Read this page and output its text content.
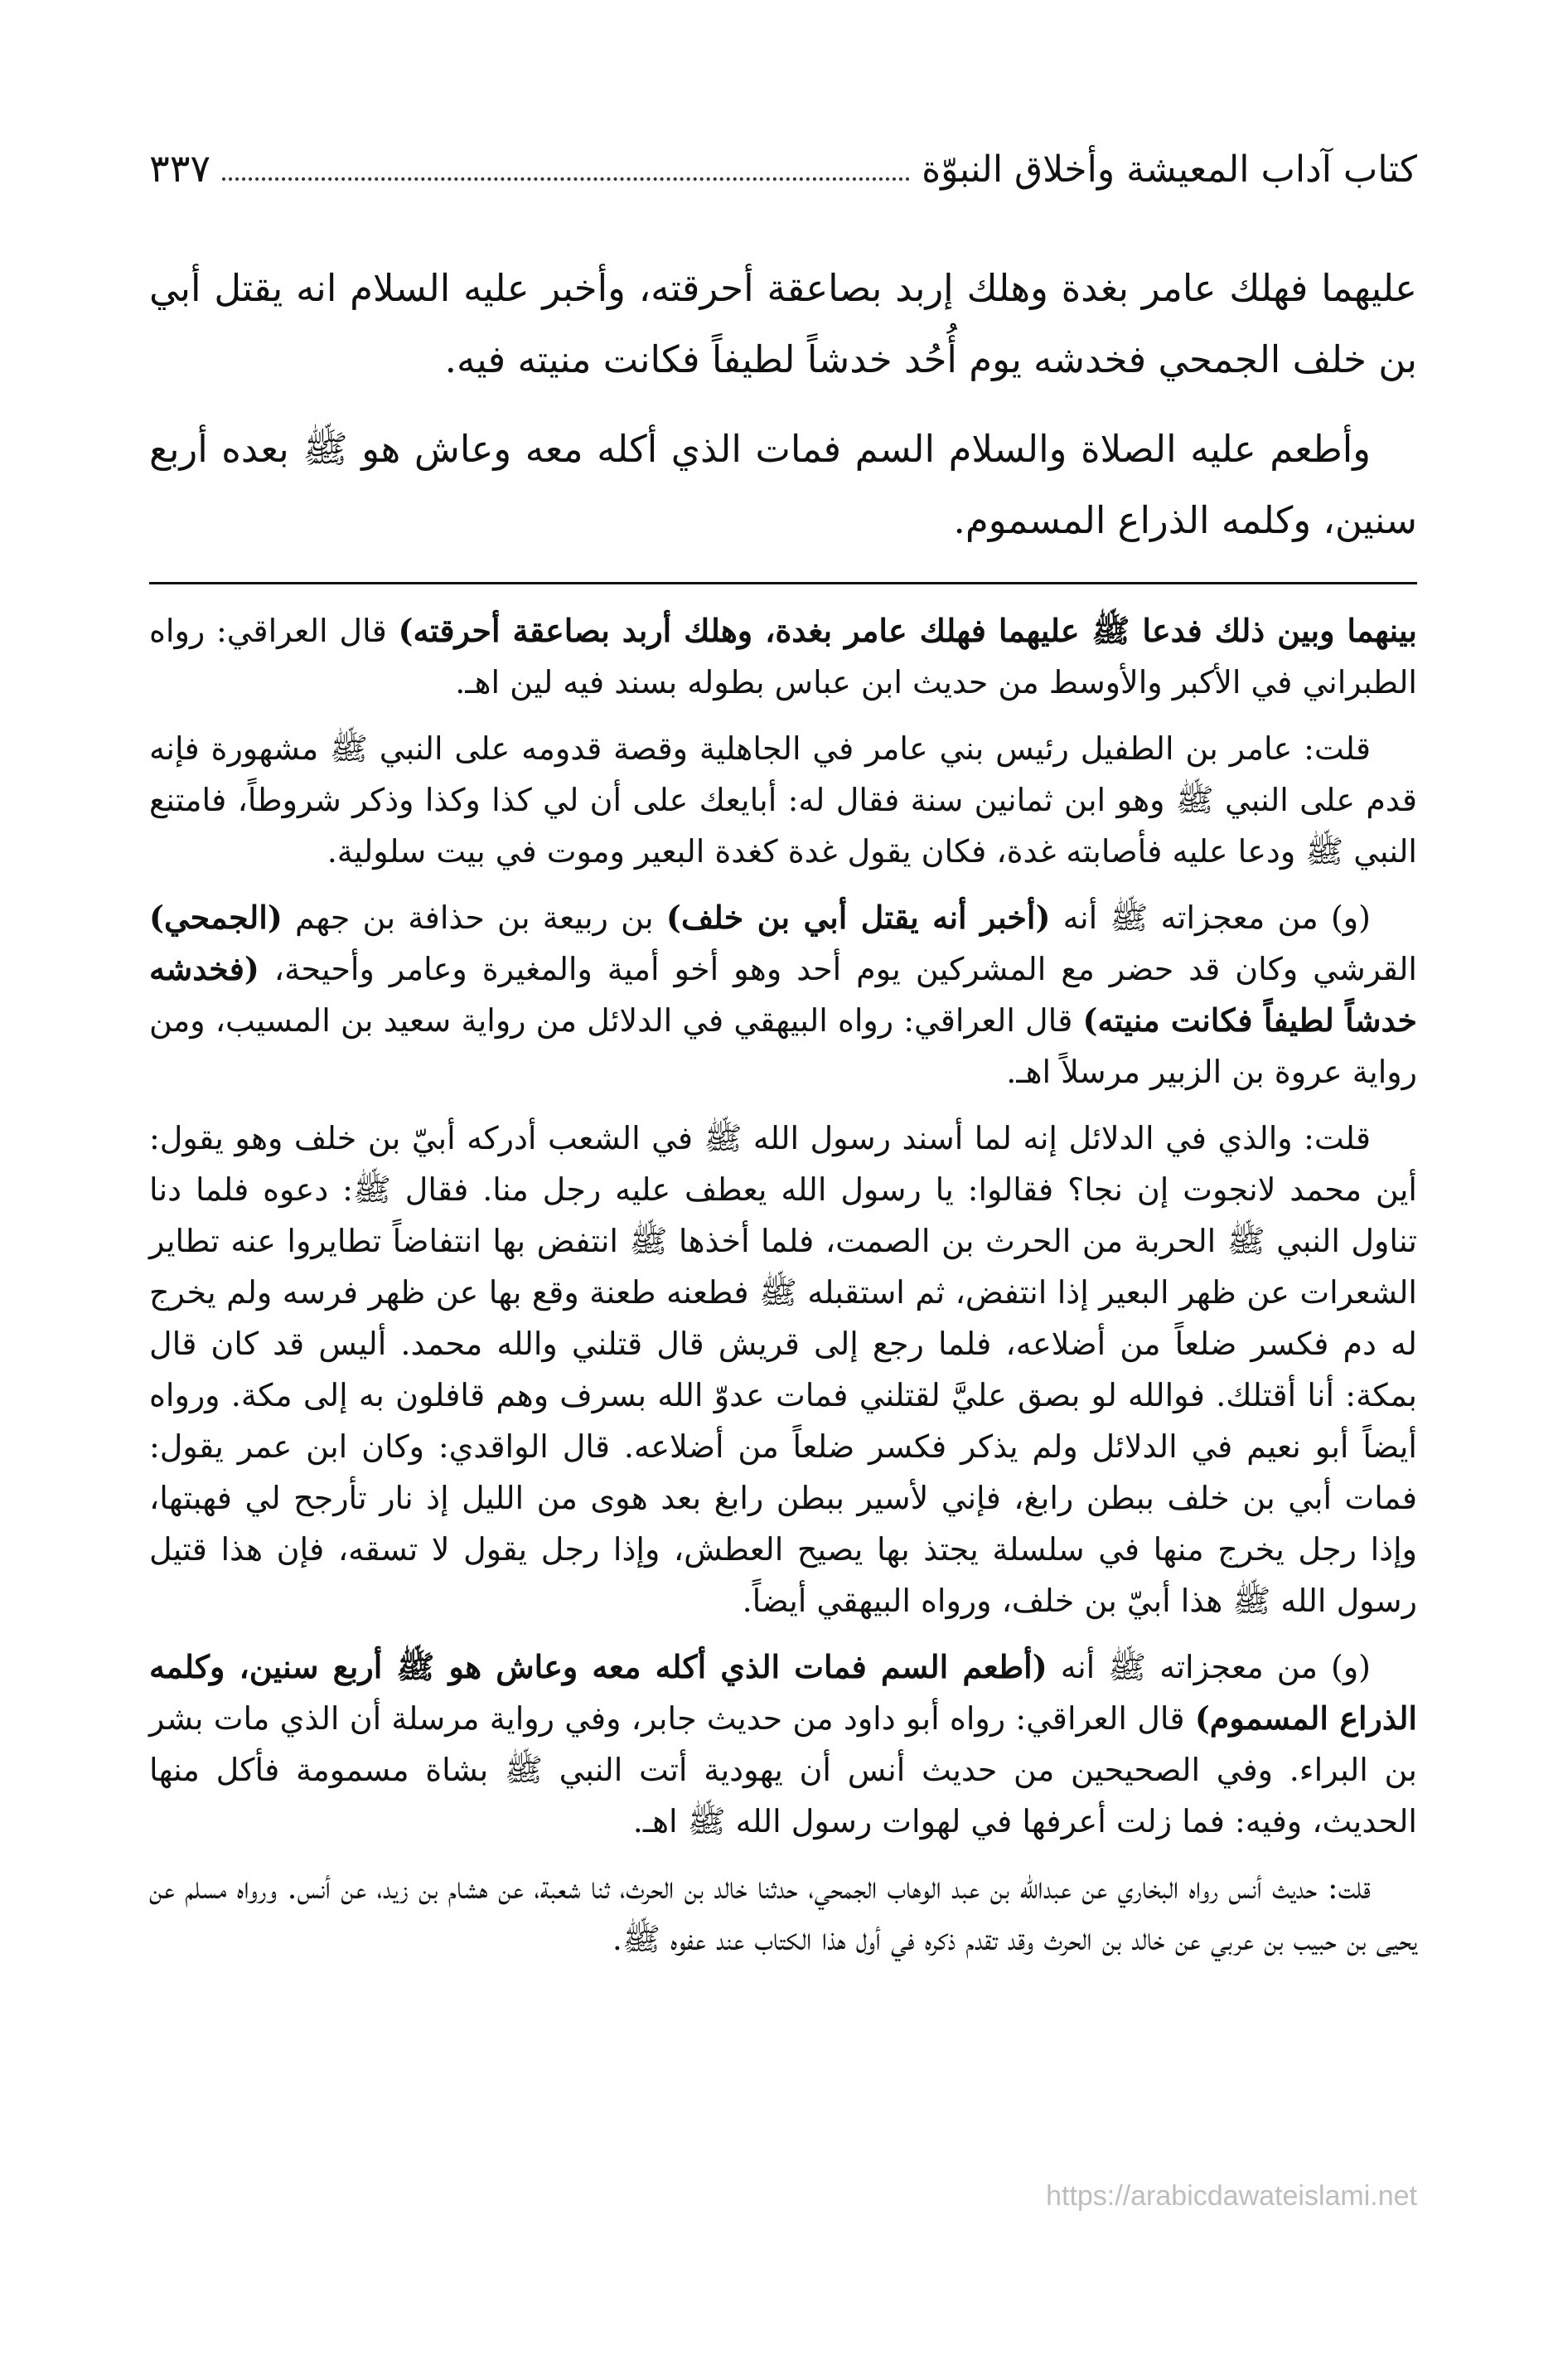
كتاب آداب المعيشة وأخلاق النبوّة
٣٣٧

عليهما فهلك عامر بغدة وهلك إربد بصاعقة أحرقته، وأخبر عليه السلام انه يقتل أبي بن خلف الجمحي فخدشه يوم أُحُد خدشاً لطيفاً فكانت منيته فيه.

وأطعم عليه الصلاة والسلام السم فمات الذي أكله معه وعاش هو ﷺ بعده أربع سنين، وكلمه الذراع المسموم.

بينهما وبين ذلك فدعا ﷺ عليهما فهلك عامر بغدة، وهلك أربد بصاعقة أحرقته) قال العراقي: رواه الطبراني في الأكبر والأوسط من حديث ابن عباس بطوله بسند فيه لين اهـ.

قلت: عامر بن الطفيل رئيس بني عامر في الجاهلية وقصة قدومه على النبي ﷺ مشهورة فإنه قدم على النبي ﷺ وهو ابن ثمانين سنة فقال له: أبايعك على أن لي كذا وكذا وذكر شروطاً، فامتنع النبي ﷺ ودعا عليه فأصابته غدة، فكان يقول غدة كغدة البعير وموت في بيت سلولية.

(و) من معجزاته ﷺ أنه (أخبر أنه يقتل أبي بن خلف) بن ربيعة بن حذافة بن جهم (الجمحي) القرشي وكان قد حضر مع المشركين يوم أحد وهو أخو أمية والمغيرة وعامر وأحيحة، (فخدشه خدشاً لطيفاً فكانت منيته) قال العراقي: رواه البيهقي في الدلائل من رواية سعيد بن المسيب، ومن رواية عروة بن الزبير مرسلاً اهـ.

قلت: والذي في الدلائل إنه لما أسند رسول الله ﷺ في الشعب أدركه أبيّ بن خلف وهو يقول: أين محمد لانجوت إن نجا؟ فقالوا: يا رسول الله يعطف عليه رجل منا. فقال ﷺ: دعوه فلما دنا تناول النبي ﷺ الحربة من الحرث بن الصمت، فلما أخذها ﷺ انتفض بها انتفاضاً تطايروا عنه تطاير الشعرات عن ظهر البعير إذا انتفض، ثم استقبله ﷺ فطعنه طعنة وقع بها عن ظهر فرسه ولم يخرج له دم فكسر ضلعاً من أضلاعه، فلما رجع إلى قريش قال قتلني والله محمد. أليس قد كان قال بمكة: أنا أقتلك. فوالله لو بصق عليَّ لقتلني فمات عدوّ الله بسرف وهم قافلون به إلى مكة. ورواه أيضاً أبو نعيم في الدلائل ولم يذكر فكسر ضلعاً من أضلاعه. قال الواقدي: وكان ابن عمر يقول: فمات أبي بن خلف ببطن رابغ، فإني لأسير ببطن رابغ بعد هوى من الليل إذ نار تأرجح لي فهبتها، وإذا رجل يخرج منها في سلسلة يجتذ بها يصيح العطش، وإذا رجل يقول لا تسقه، فإن هذا قتيل رسول الله ﷺ هذا أبيّ بن خلف، ورواه البيهقي أيضاً.

(و) من معجزاته ﷺ أنه (أطعم السم فمات الذي أكله معه وعاش هو ﷺ أربع سنين، وكلمه الذراع المسموم) قال العراقي: رواه أبو داود من حديث جابر، وفي رواية مرسلة أن الذي مات بشر بن البراء. وفي الصحيحين من حديث أنس أن يهودية أتت النبي ﷺ بشاة مسمومة فأكل منها الحديث، وفيه: فما زلت أعرفها في لهوات رسول الله ﷺ اهـ.

قلت: حديث أنس رواه البخاري عن عبدالله بن عبد الوهاب الجمحي، حدثنا خالد بن الحرث، ثنا شعبة، عن هشام بن زيد، عن أنس. ورواه مسلم عن يحيى بن حبيب بن عربي عن خالد بن الحرث وقد تقدم ذكره في أول هذا الكتاب عند عفوه ﷺ.

https://arabicdawateislami.net
